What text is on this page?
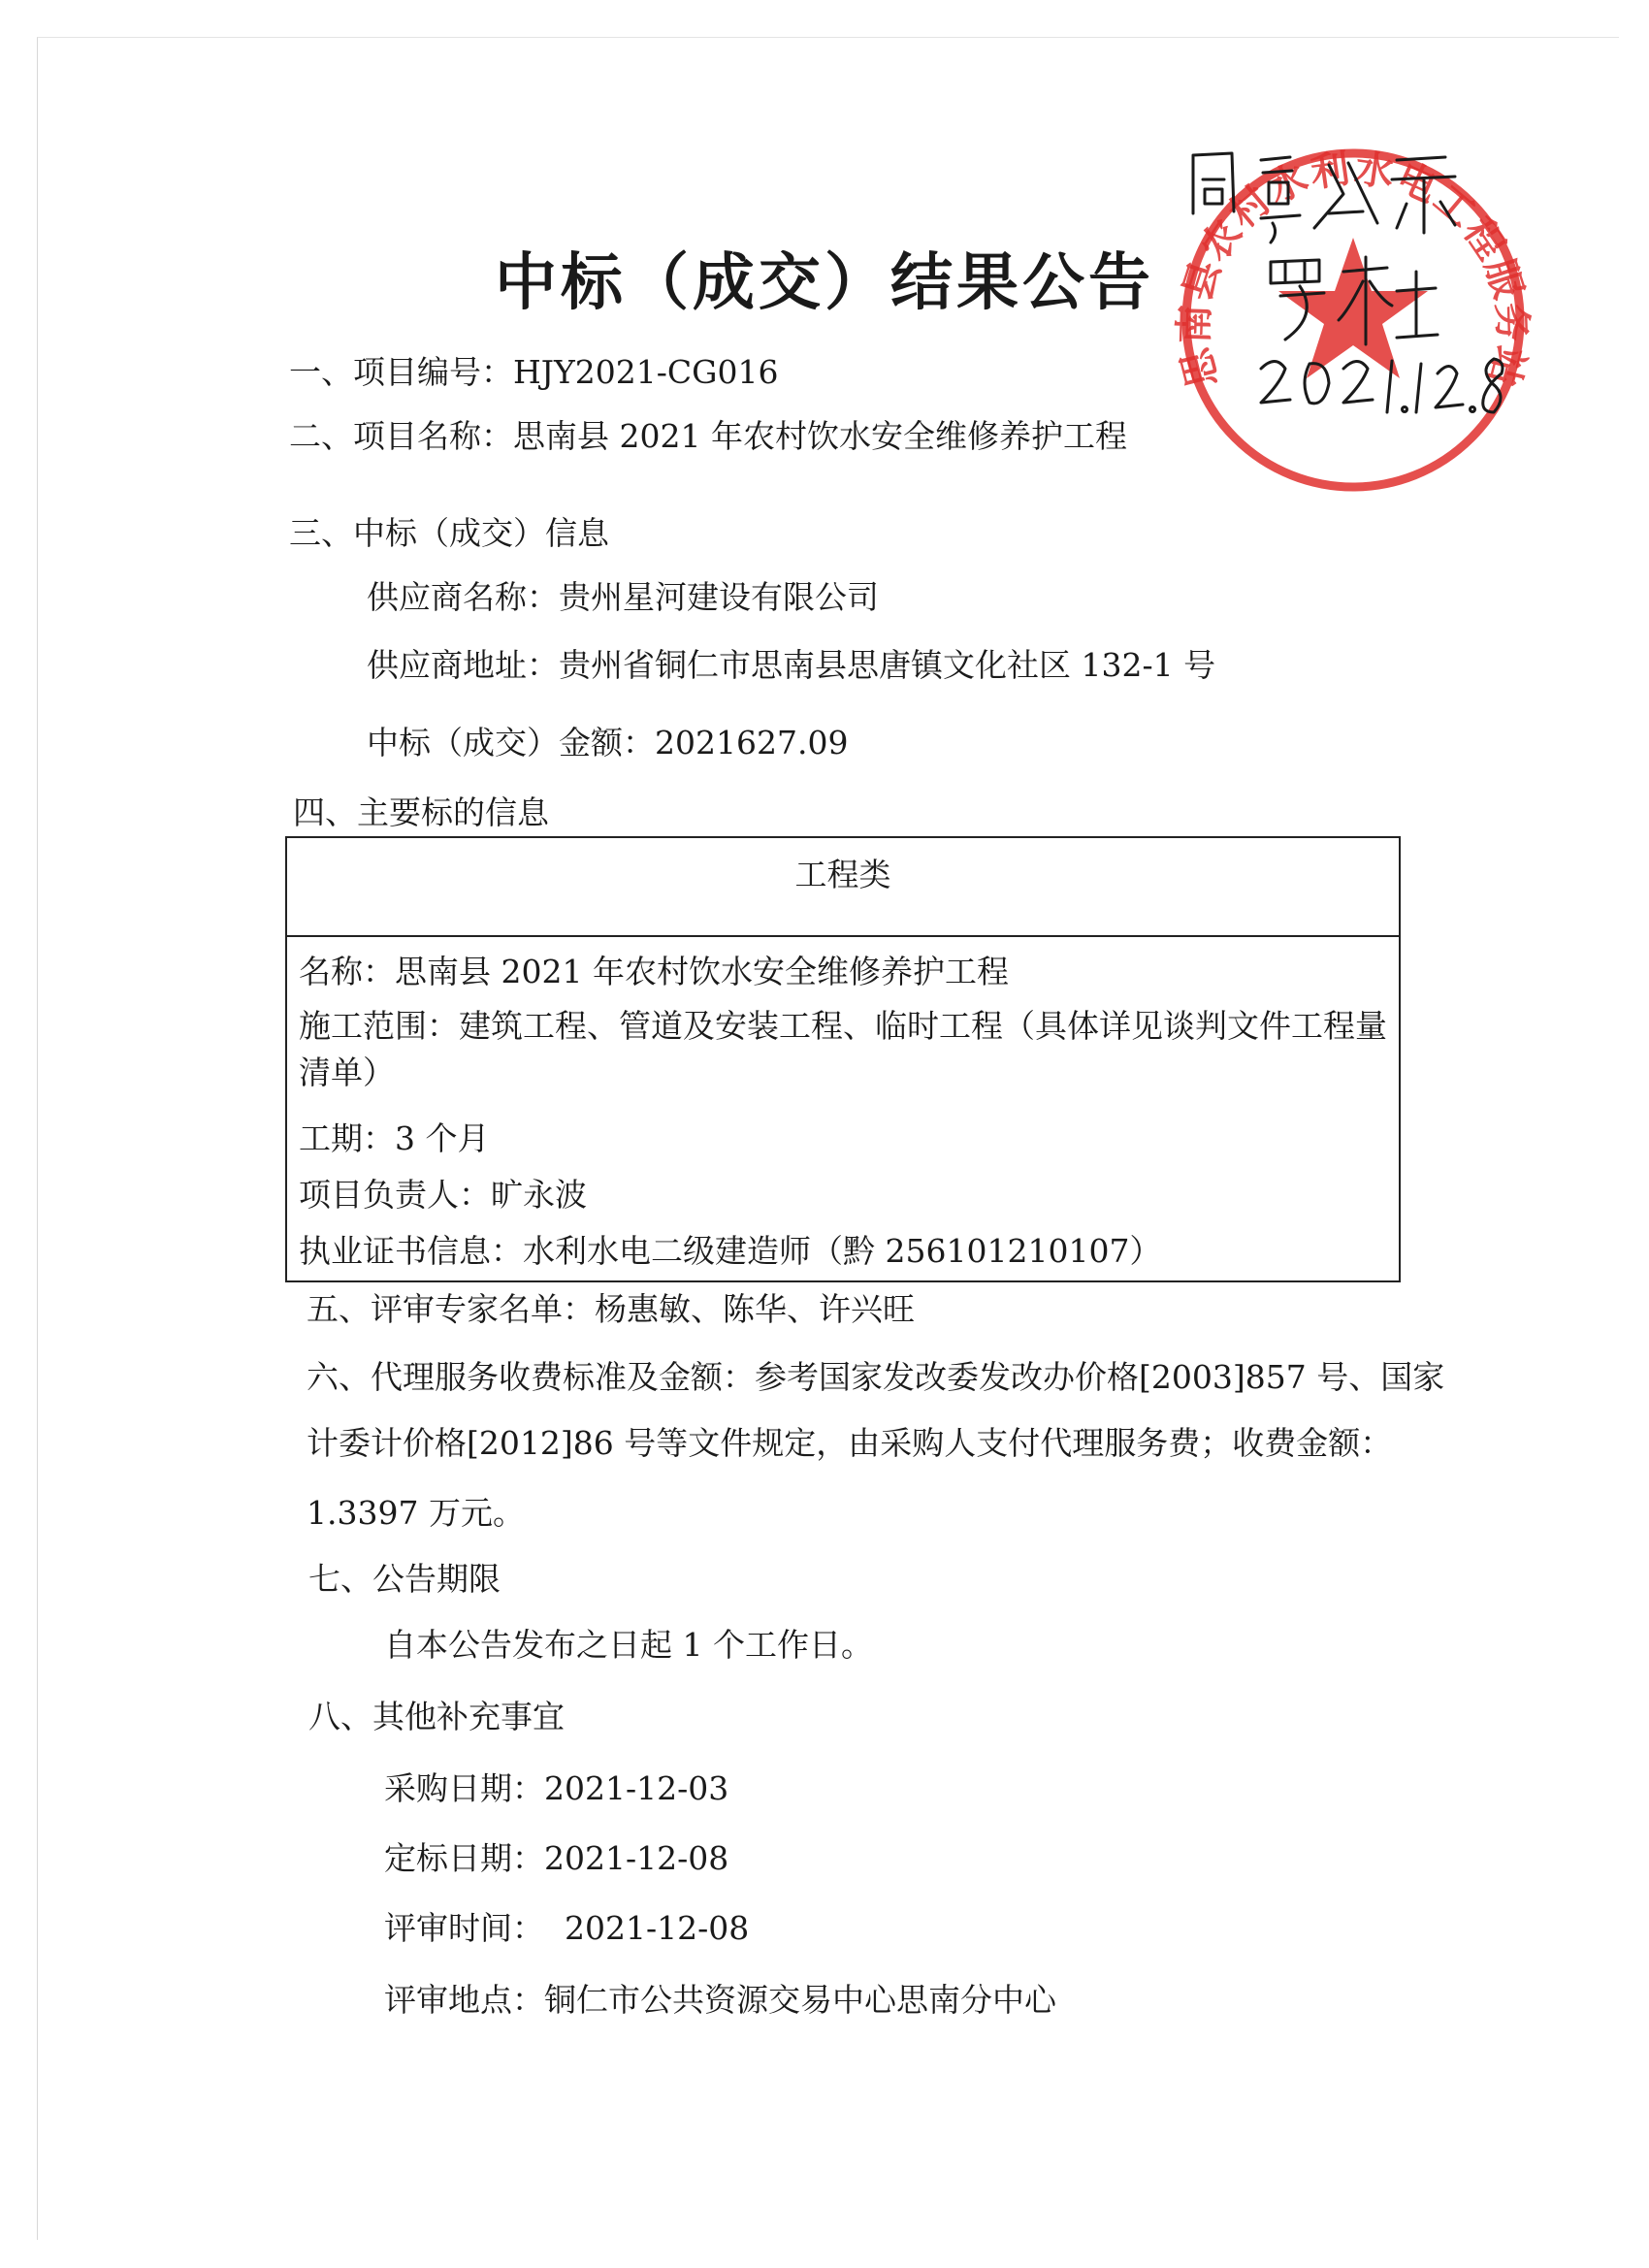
中标（成交）结果公告
一、项目编号：HJY2021-CG016
二、项目名称：思南县 2021 年农村饮水安全维修养护工程
三、中标（成交）信息
供应商名称：贵州星河建设有限公司
供应商地址：贵州省铜仁市思南县思唐镇文化社区 132-1 号
中标（成交）金额：2021627.09
四、主要标的信息
工程类
名称：思南县 2021 年农村饮水安全维修养护工程
施工范围：建筑工程、管道及安装工程、临时工程（具体详见谈判文件工程量清单）
工期：3 个月
项目负责人：旷永波
执业证书信息：水利水电二级建造师（黔 256101210107）
五、评审专家名单：杨惠敏、陈华、许兴旺
六、代理服务收费标准及金额：参考国家发改委发改办价格[2003]857 号、国家
计委计价格[2012]86 号等文件规定，由采购人支付代理服务费；收费金额：
1.3397 万元。
七、公告期限
自本公告发布之日起 1 个工作日。
八、其他补充事宜
采购日期：2021-12-03
定标日期：2021-12-08
评审时间： 2021-12-08
评审地点：铜仁市公共资源交易中心思南分中心
思南县农村水利水电工程服务站
